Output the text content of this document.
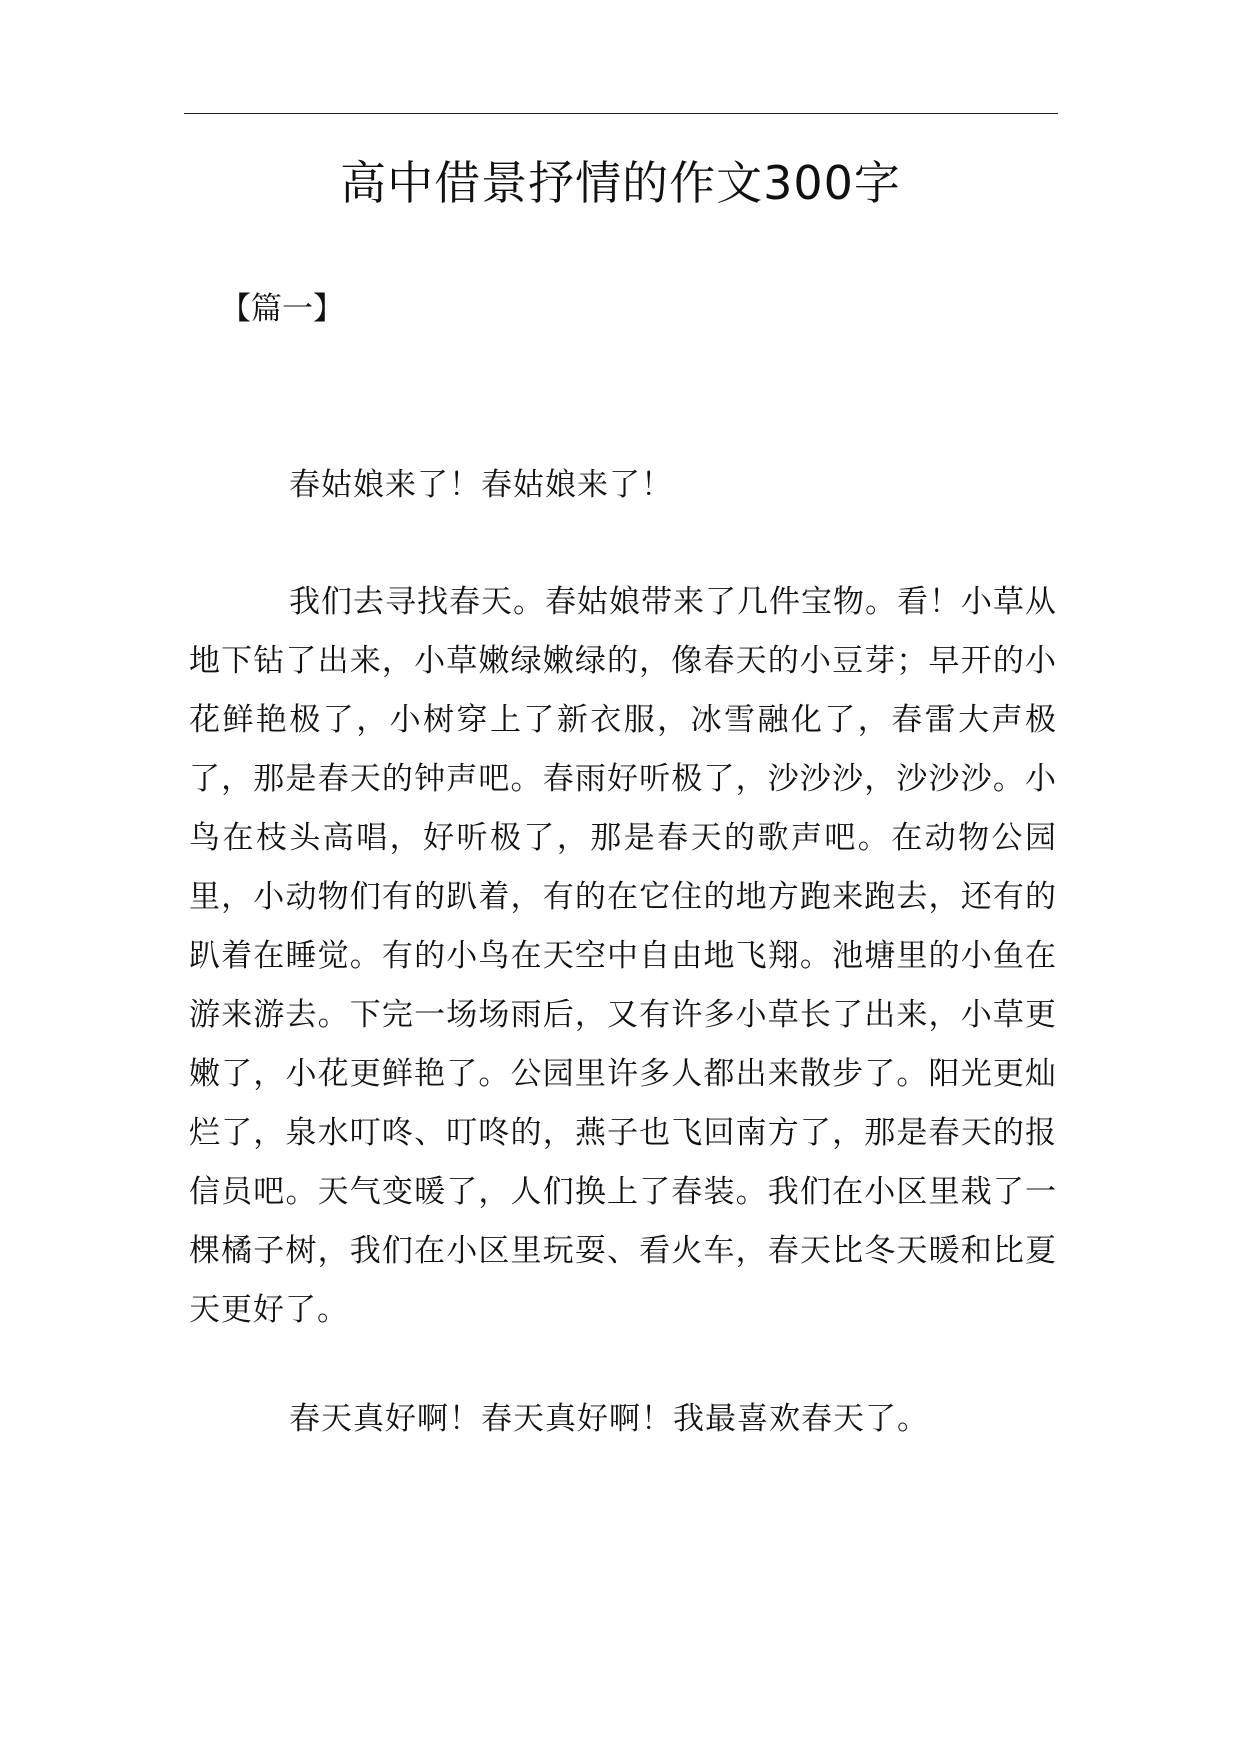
高中借景抒情的作文300字
【篇一】

春姑娘来了！春姑娘来了！

我们去寻找春天。春姑娘带来了几件宝物。看！小草从地下钻了出来，小草嫩绿嫩绿的，像春天的小豆芽；早开的小花鲜艳极了，小树穿上了新衣服，冰雪融化了，春雷大声极了，那是春天的钟声吧。春雨好听极了，沙沙沙，沙沙沙。小鸟在枝头高唱，好听极了，那是春天的歌声吧。在动物公园里，小动物们有的趴着，有的在它住的地方跑来跑去，还有的趴着在睡觉。有的小鸟在天空中自由地飞翔。池塘里的小鱼在游来游去。下完一场场雨后，又有许多小草长了出来，小草更嫩了，小花更鲜艳了。公园里许多人都出来散步了。阳光更灿烂了，泉水叮咚、叮咚的，燕子也飞回南方了，那是春天的报信员吧。天气变暖了，人们换上了春装。我们在小区里栽了一棵橘子树，我们在小区里玩耍、看火车，春天比冬天暖和比夏天更好了。

春天真好啊！春天真好啊！我最喜欢春天了。
